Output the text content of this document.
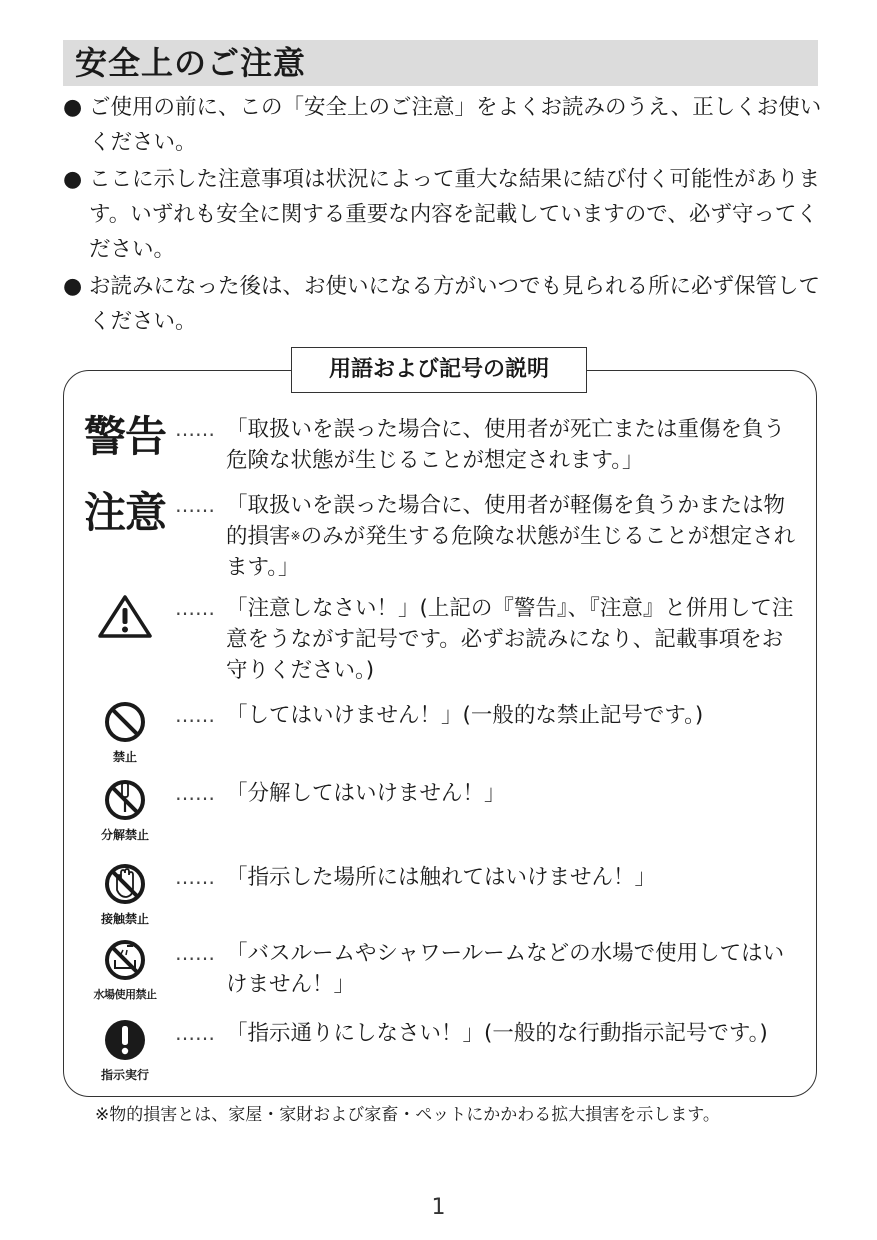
安全上のご注意
● ご使用の前に、この「安全上のご注意」をよくお読みのうえ、正しくお使いください。
● ここに示した注意事項は状況によって重大な結果に結び付く可能性があります。いずれも安全に関する重要な内容を記載していますので、必ず守ってください。
● お読みになった後は、お使いになる方がいつでも見られる所に必ず保管してください。
用語および記号の説明
警告 …… 「取扱いを誤った場合に、使用者が死亡または重傷を負う危険な状態が生じることが想定されます。」
注意 …… 「取扱いを誤った場合に、使用者が軽傷を負うかまたは物的損害※のみが発生する危険な状態が生じることが想定されます。」
…… 「注意しなさい！」(上記の『警告』、『注意』と併用して注意をうながす記号です。必ずお読みになり、記載事項をお守りください。)
禁止
…… 「してはいけません！」(一般的な禁止記号です。)
分解禁止
…… 「分解してはいけません！」
接触禁止
…… 「指示した場所には触れてはいけません！」
水場使用禁止
…… 「バスルームやシャワールームなどの水場で使用してはいけません！」
指示実行
…… 「指示通りにしなさい！」(一般的な行動指示記号です。)
※物的損害とは、家屋・家財および家畜・ペットにかかわる拡大損害を示します。
1
